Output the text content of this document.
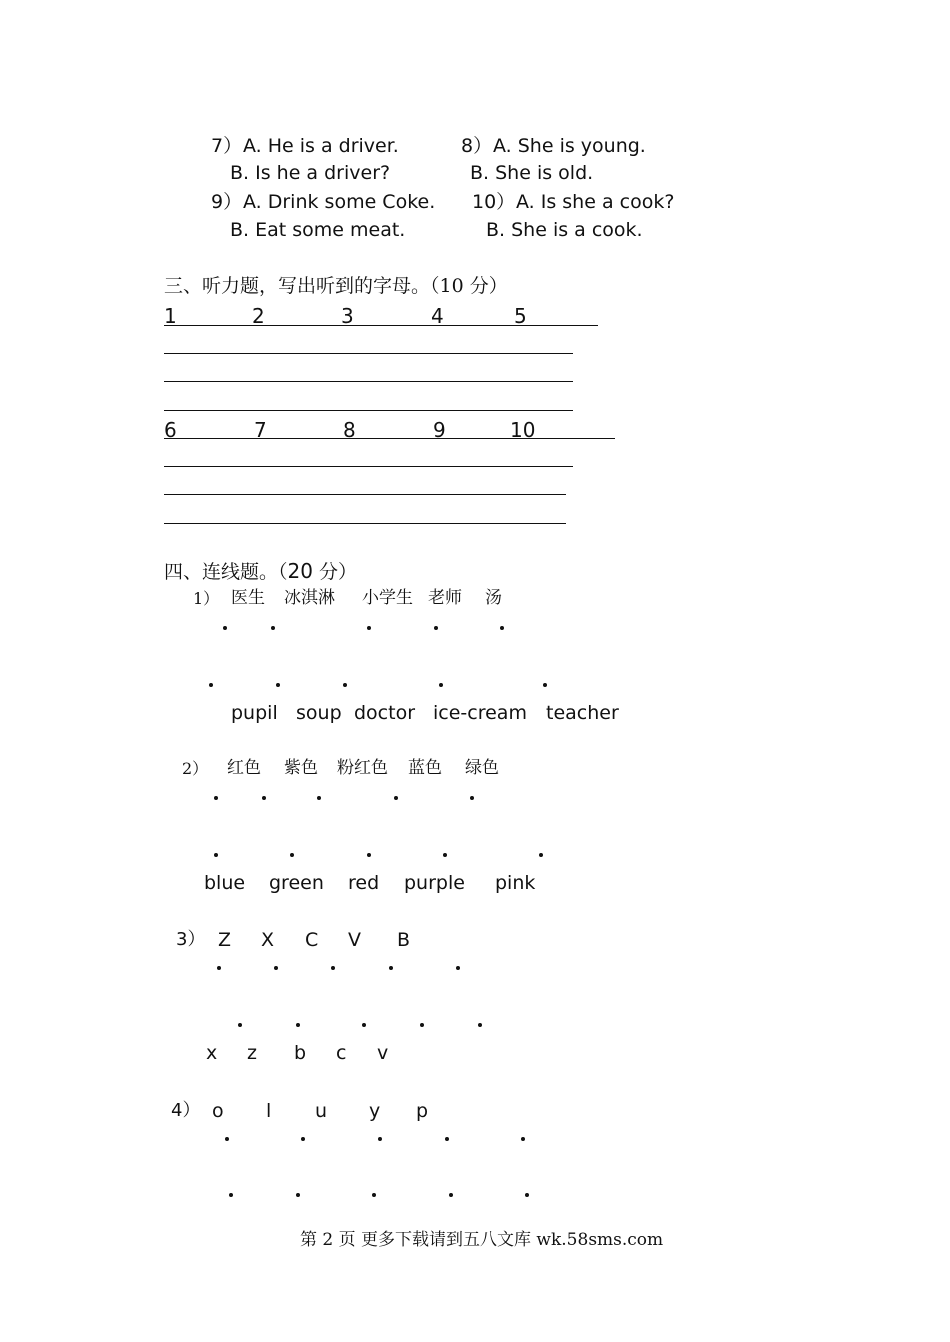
7） A. He is a driver.
B. Is he a driver?
8） A. She is young.
B. She is old.
9） A. Drink some Coke.
B. Eat some meat.
10） A. Is she a cook?
B. She is a cook.
三、听力题，写出听到的字母。（10 分）
1	2	3	4	5
6	7	8	9	10
四、连线题。（20 分）
1） 医生 冰淇淋 小学生 老师 汤
pupil soup doctor ice-cream teacher
2） 红色 紫色 粉红色 蓝色 绿色
blue green red purple pink
3） Z X C V B
x z b c v
4） o l u y p
第 2 页 更多下载请到五八文库 wk.58sms.com
